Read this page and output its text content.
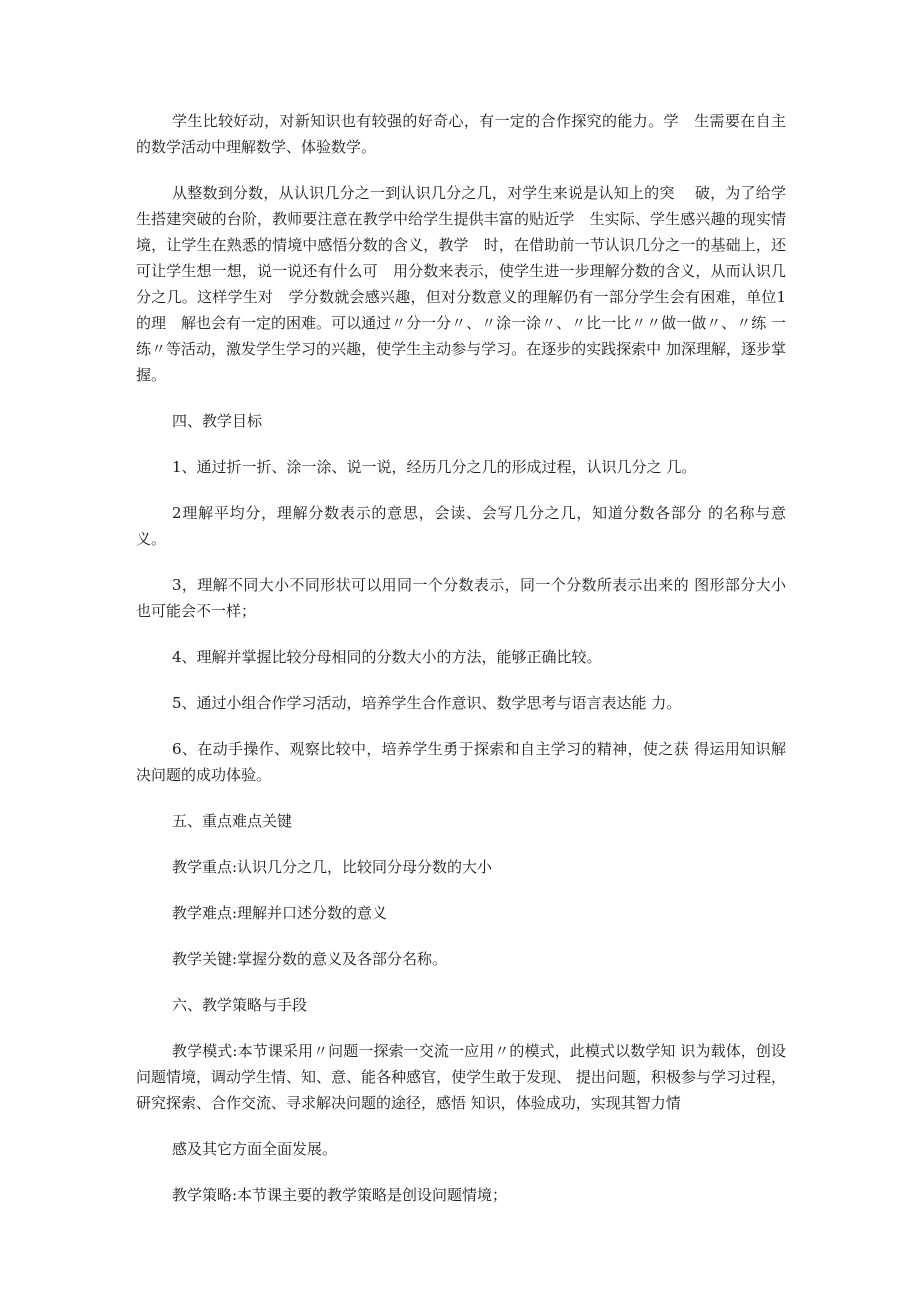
学生比较好动，对新知识也有较强的好奇心，有一定的合作探究的能力。学　生需要在自主的数学活动中理解数学、体验数学。

从整数到分数，从认识几分之一到认识几分之几，对学生来说是认知上的突　 破，为了给学生搭建突破的台阶，教师要注意在教学中给学生提供丰富的贴近学　生实际、学生感兴趣的现实情境，让学生在熟悉的情境中感悟分数的含义，教学　时，在借助前一节认识几分之一的基础上，还可让学生想一想，说一说还有什么可　用分数来表示，使学生进一步理解分数的含义，从而认识几分之几。这样学生对　学分数就会感兴趣，但对分数意义的理解仍有一部分学生会有困难，单位1的理　解也会有一定的困难。可以通过〃分一分〃、〃涂一涂〃、〃比一比〃〃做一做〃、〃练 一练〃等活动，激发学生学习的兴趣，使学生主动参与学习。在逐步的实践探索中 加深理解，逐步掌握。

四、教学目标

1、通过折一折、涂一涂、说一说，经历几分之几的形成过程，认识几分之 几。

2理解平均分，理解分数表示的意思，会读、会写几分之几，知道分数各部分 的名称与意义。

3，理解不同大小不同形状可以用同一个分数表示，同一个分数所表示出来的 图形部分大小也可能会不一样；

4、理解并掌握比较分母相同的分数大小的方法，能够正确比较。

5、通过小组合作学习活动，培养学生合作意识、数学思考与语言表达能 力。

6、在动手操作、观察比较中，培养学生勇于探索和自主学习的精神，使之获 得运用知识解决问题的成功体验。

五、重点难点关键

教学重点:认识几分之几，比较同分母分数的大小

教学难点:理解并口述分数的意义

教学关键:掌握分数的意义及各部分名称。

六、教学策略与手段

教学模式:本节课采用〃问题一探索一交流一应用〃的模式，此模式以数学知 识为载体，创设问题情境，调动学生情、知、意、能各种感官，使学生敢于发现、 提出问题，积极参与学习过程，研究探索、合作交流、寻求解决问题的途径，感悟 知识，体验成功，实现其智力情

感及其它方面全面发展。

教学策略:本节课主要的教学策略是创设问题情境；
